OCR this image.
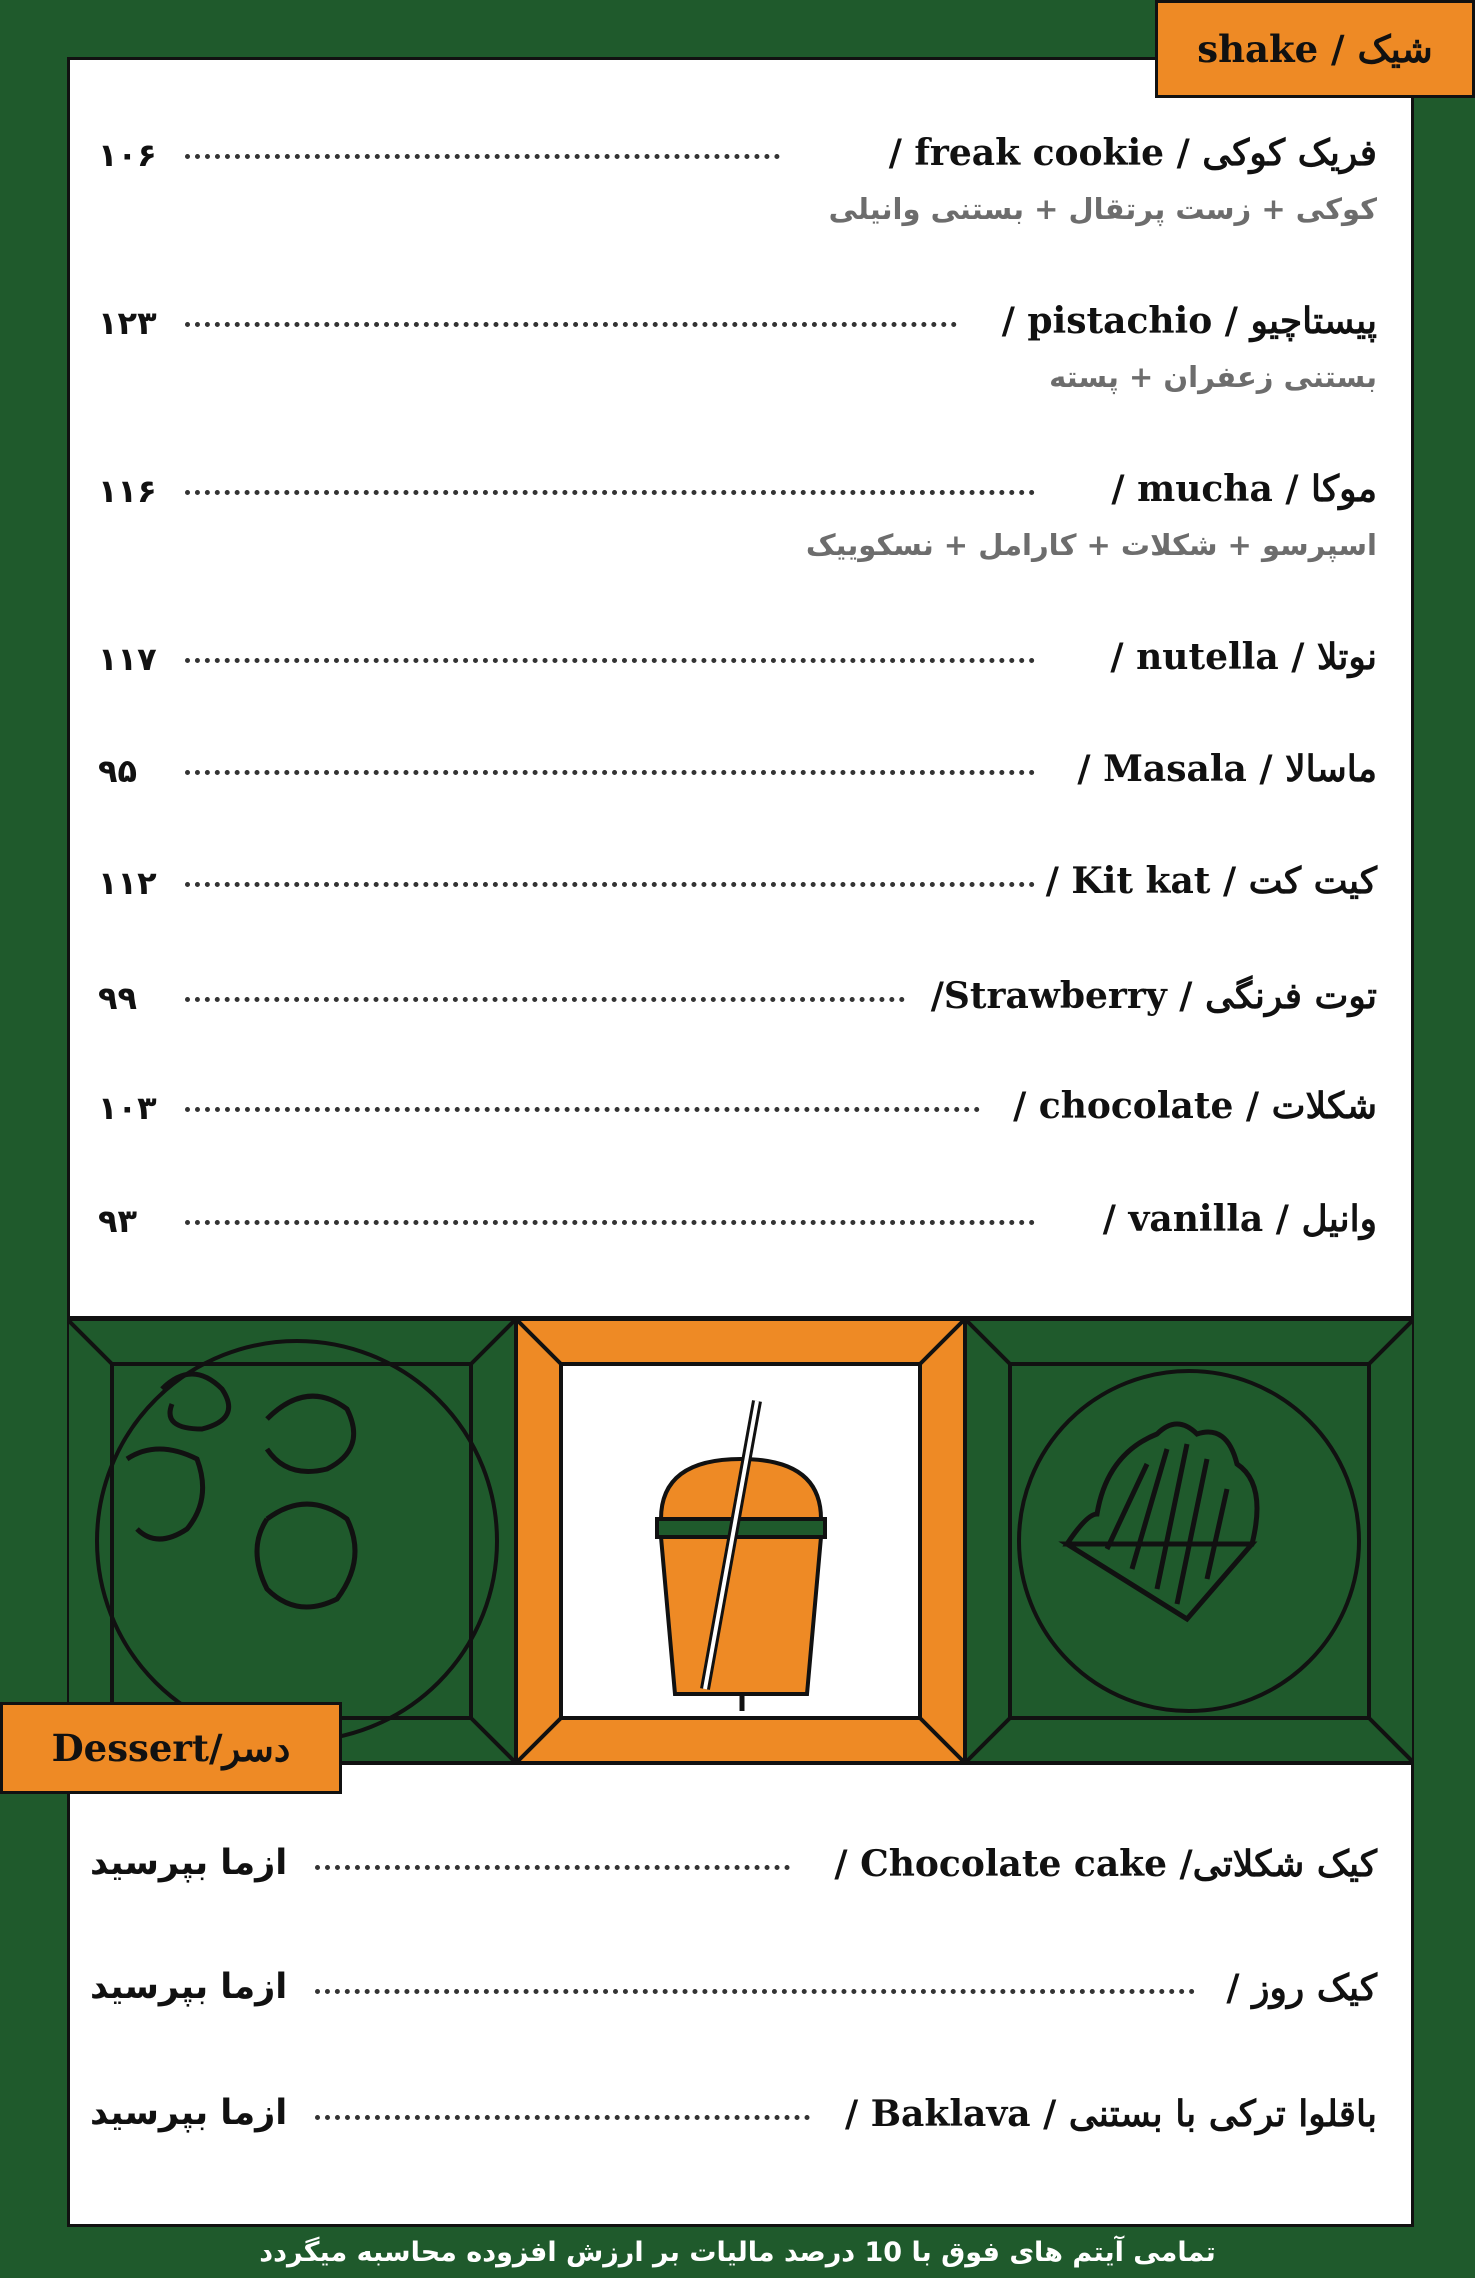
فریک کوکی / freak cookie /
کوکی + زست پرتقال + بستنی وانیلی
۱۰۶
پیستاچیو / pistachio /
بستنی زعفران + پسته
۱۲۳
موکا / mucha /
اسپرسو + شکلات + کارامل + نسکوییک
۱۱۶
نوتلا / nutella /
۱۱۷
ماسالا / Masala /
۹۵
کیت کت / Kit kat /
۱۱۲
توت فرنگی / Strawberry/
۹۹
شکلات / chocolate /
۱۰۳
وانیل / vanilla /
۹۳
shake / شیک
کیک شکلاتی/ Chocolate cake /
ازما بپرسید
کیک روز /
ازما بپرسید
باقلوا ترکی با بستنی / Baklava /
ازما بپرسید
Dessert/دسر
تمامی آیتم های فوق با 10 درصد مالیات بر ارزش افزوده محاسبه میگردد
